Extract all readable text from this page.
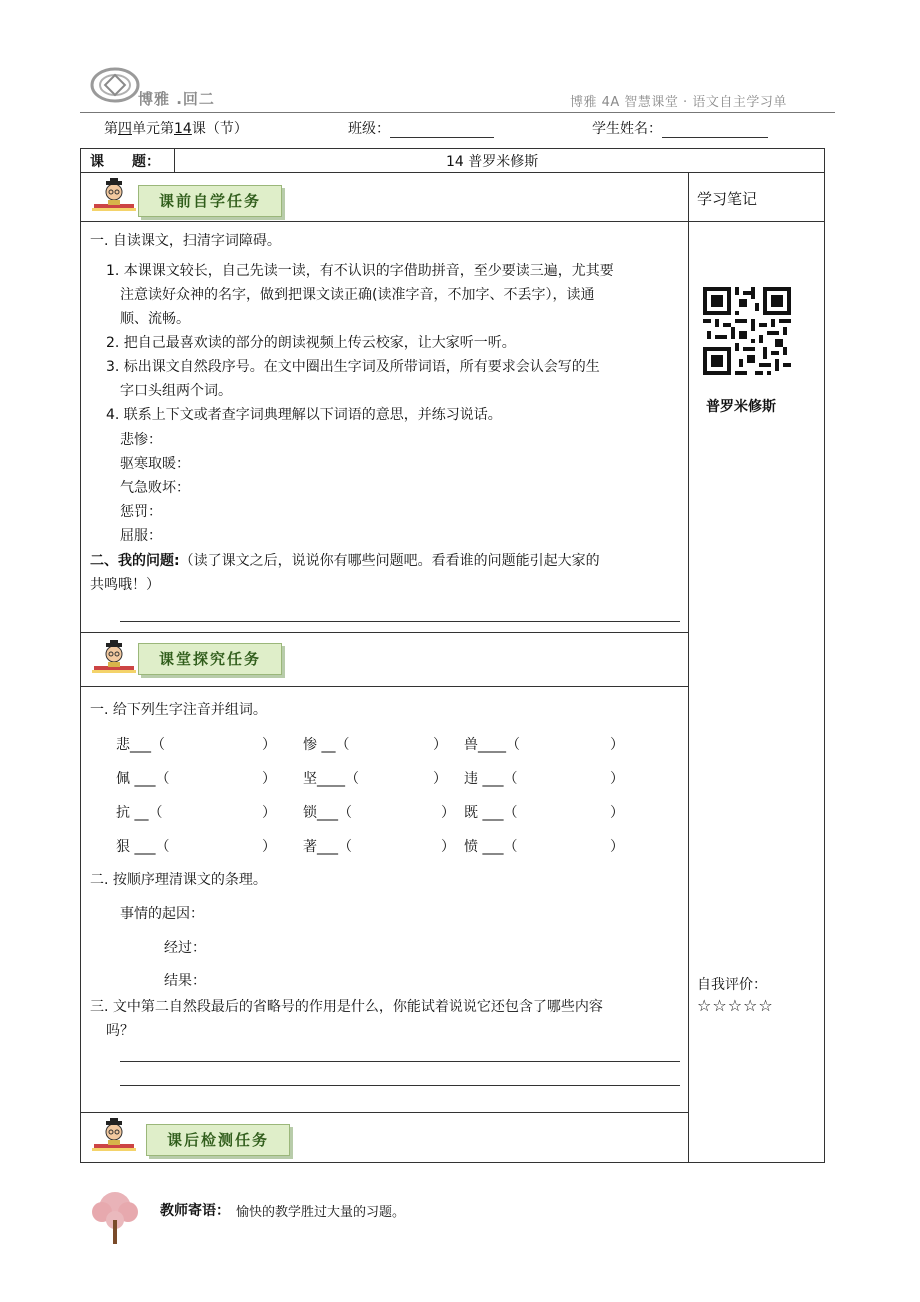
博雅 .回二	博雅 4A 智慧课堂 · 语文自主学习单
第四单元第14课（节）	班级：	学生姓名：
课　　题：	14 普罗米修斯
学习笔记
普罗米修斯
自我评价：
☆☆☆☆☆
课前自学任务
一. 自读课文，扫清字词障碍。
1. 本课课文较长，自己先读一读，有不认识的字借助拼音，至少要读三遍，尤其要
注意读好众神的名字，做到把课文读正确(读准字音，不加字、不丢字），读通
顺、流畅。
2. 把自己最喜欢读的部分的朗读视频上传云校家，让大家听一听。
3. 标出课文自然段序号。在文中圈出生字词及所带词语，所有要求会认会写的生
字口头组两个词。
4. 联系上下文或者查字词典理解以下词语的意思，并练习说话。
悲惨：
驱寒取暖：
气急败坏：
惩罚：
屈服：
二、我的问题:（读了课文之后，说说你有哪些问题吧。看看谁的问题能引起大家的
共鸣哦！）
课堂探究任务
一. 给下列生字注音并组词。
悲___（	） 惨 __（	） 兽____（	）
佩 ___（	） 坚____（	） 违 ___（	）
抗 __（	） 锁___（	） 既 ___（	）
狠 ___（	） 著___（	） 愤 ___（	）
二. 按顺序理清课文的条理。
事情的起因：
经过：
结果：
三. 文中第二自然段最后的省略号的作用是什么，你能试着说说它还包含了哪些内容
吗？
课后检测任务
教师寄语： 愉快的教学胜过大量的习题。
